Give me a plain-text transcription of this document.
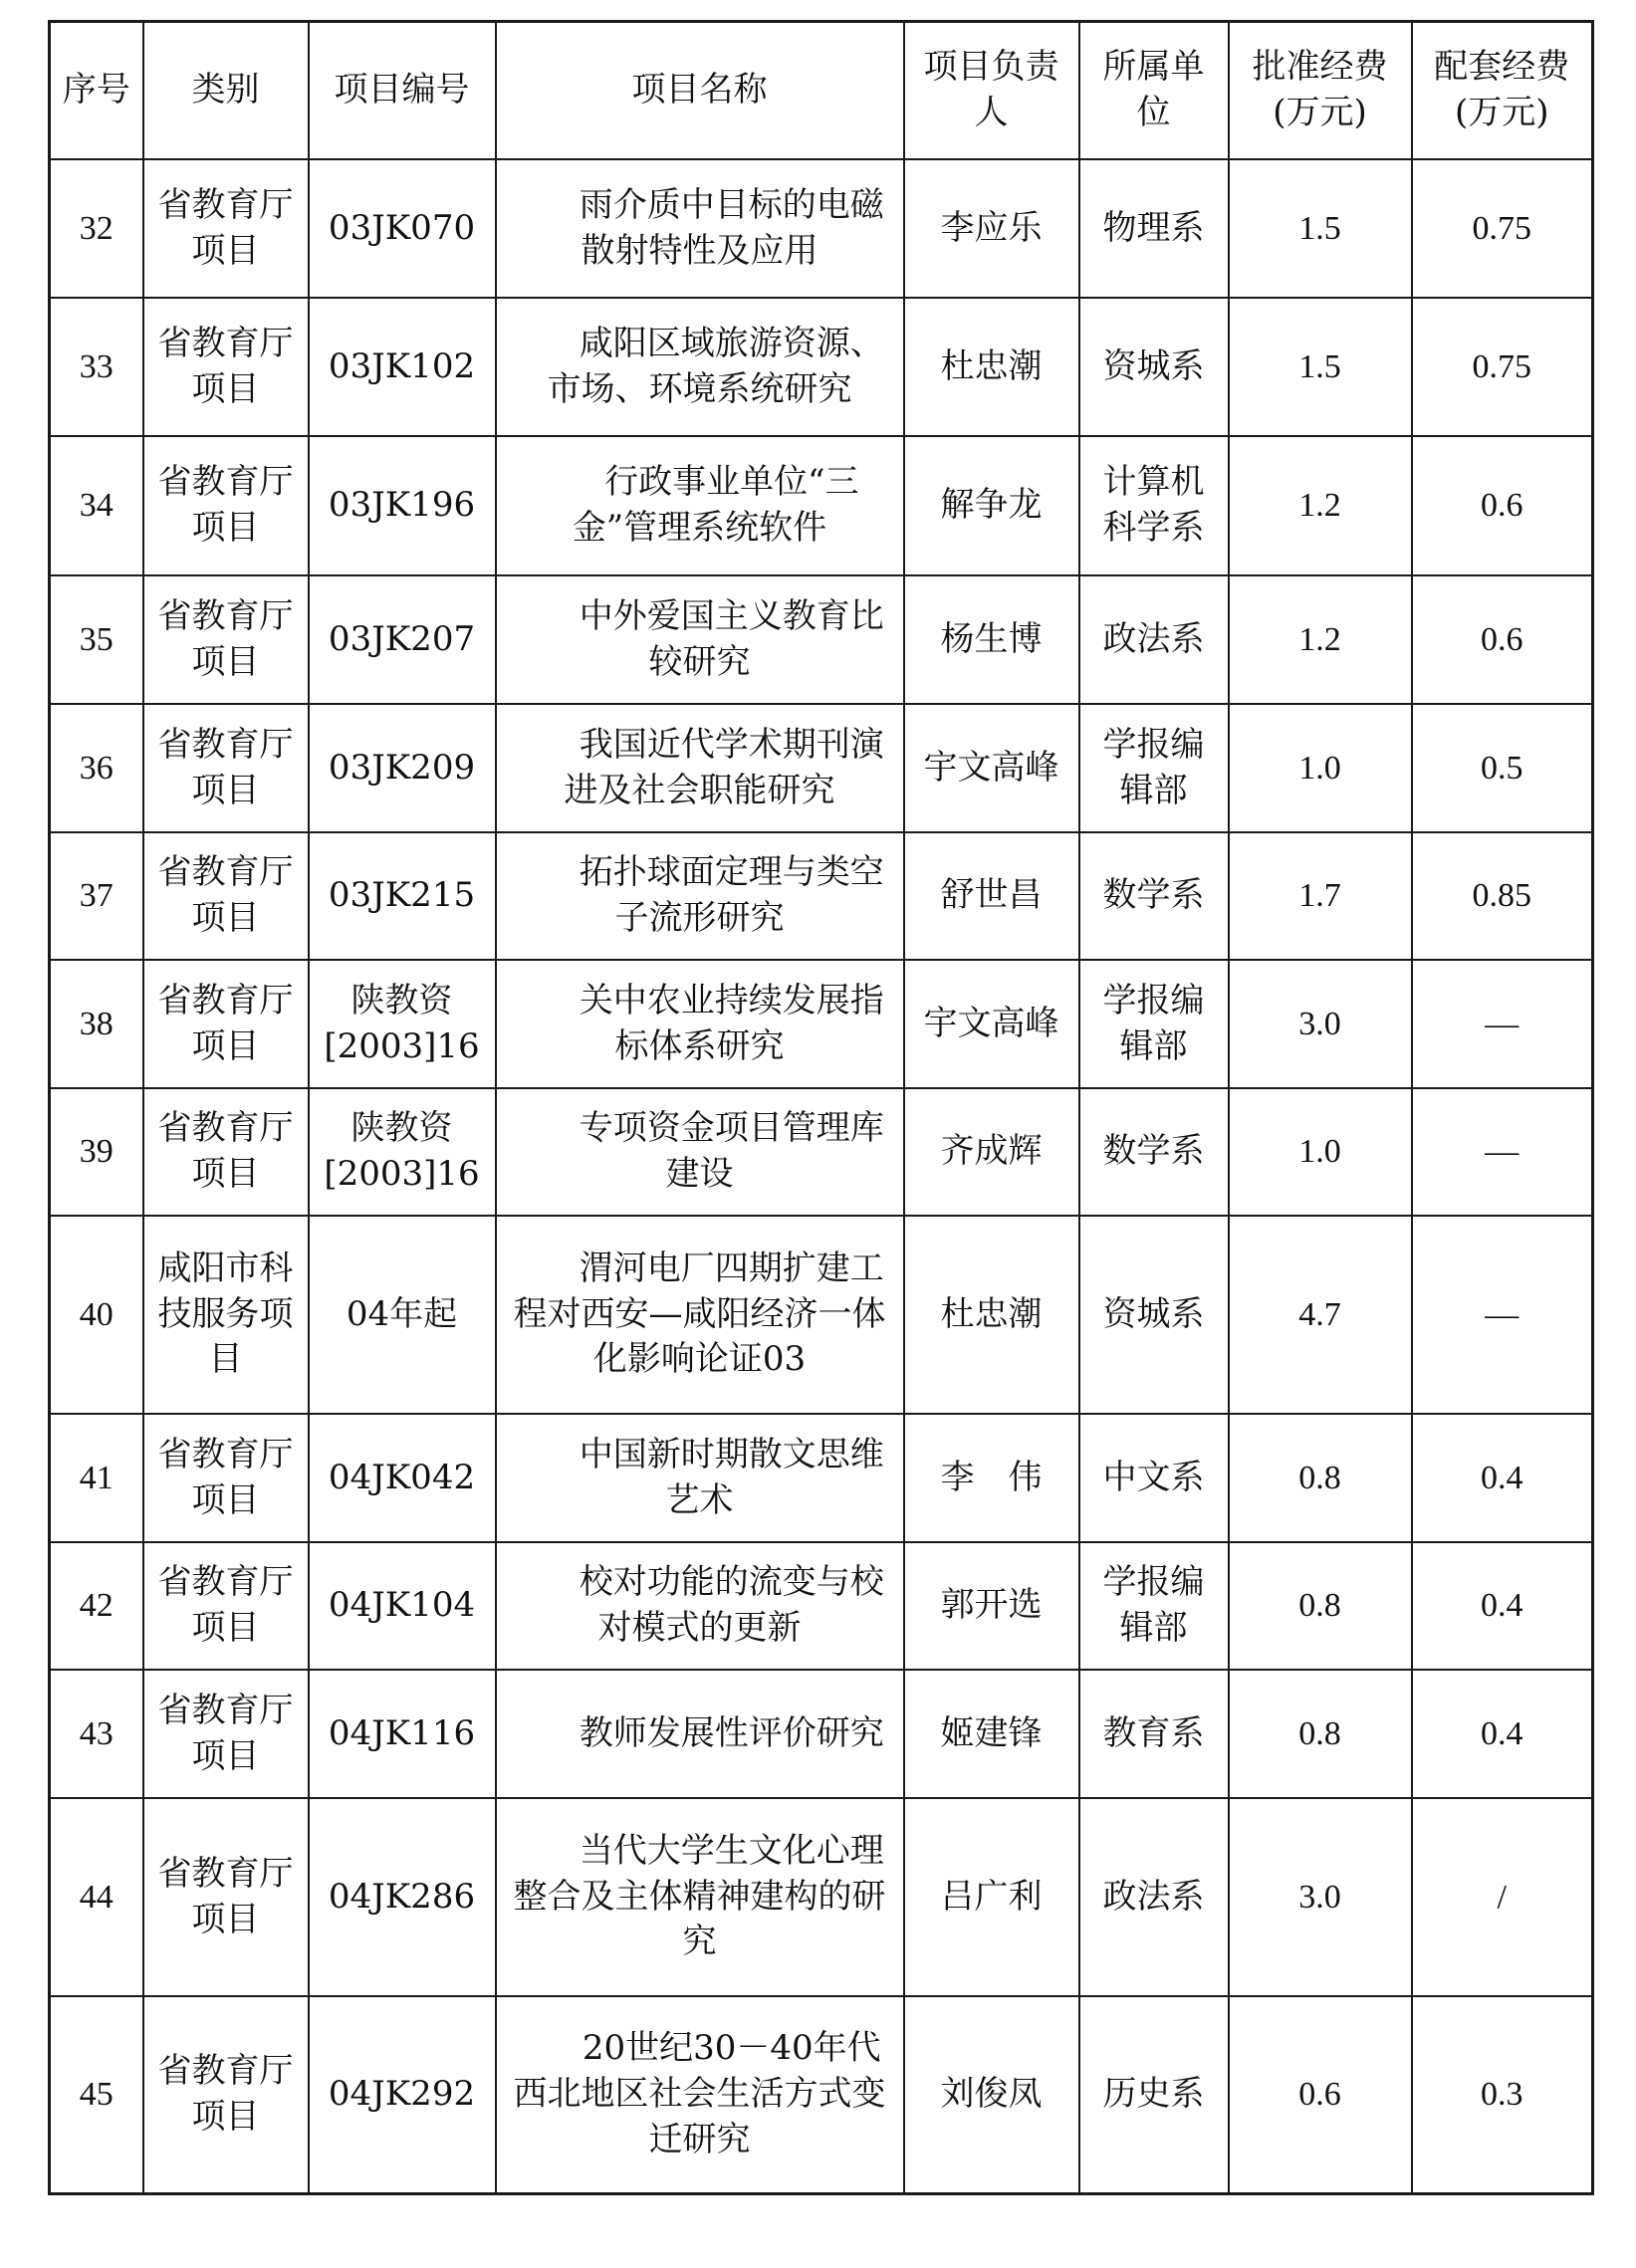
序号	类别	项目编号	项目名称	项目负责人	所属单位	批准经费(万元)	配套经费(万元)
32	省教育厅项目	03JK070	雨介质中目标的电磁散射特性及应用	李应乐	物理系	1.5	0.75
33	省教育厅项目	03JK102	咸阳区域旅游资源、市场、环境系统研究	杜忠潮	资城系	1.5	0.75
34	省教育厅项目	03JK196	行政事业单位“三金”管理系统软件	解争龙	计算机科学系	1.2	0.6
35	省教育厅项目	03JK207	中外爱国主义教育比较研究	杨生博	政法系	1.2	0.6
36	省教育厅项目	03JK209	我国近代学术期刊演进及社会职能研究	宇文高峰	学报编辑部	1.0	0.5
37	省教育厅项目	03JK215	拓扑球面定理与类空子流形研究	舒世昌	数学系	1.7	0.85
38	省教育厅项目	陕教资[2003]16	关中农业持续发展指标体系研究	宇文高峰	学报编辑部	3.0	—
39	省教育厅项目	陕教资[2003]16	专项资金项目管理库建设	齐成辉	数学系	1.0	—
40	咸阳市科技服务项目	04年起	渭河电厂四期扩建工程对西安—咸阳经济一体化影响论证03	杜忠潮	资城系	4.7	—
41	省教育厅项目	04JK042	中国新时期散文思维艺术	李　伟	中文系	0.8	0.4
42	省教育厅项目	04JK104	校对功能的流变与校对模式的更新	郭开选	学报编辑部	0.8	0.4
43	省教育厅项目	04JK116	教师发展性评价研究	姬建锋	教育系	0.8	0.4
44	省教育厅项目	04JK286	当代大学生文化心理整合及主体精神建构的研究	吕广利	政法系	3.0	/
45	省教育厅项目	04JK292	20世纪30－40年代西北地区社会生活方式变迁研究	刘俊凤	历史系	0.6	0.3
